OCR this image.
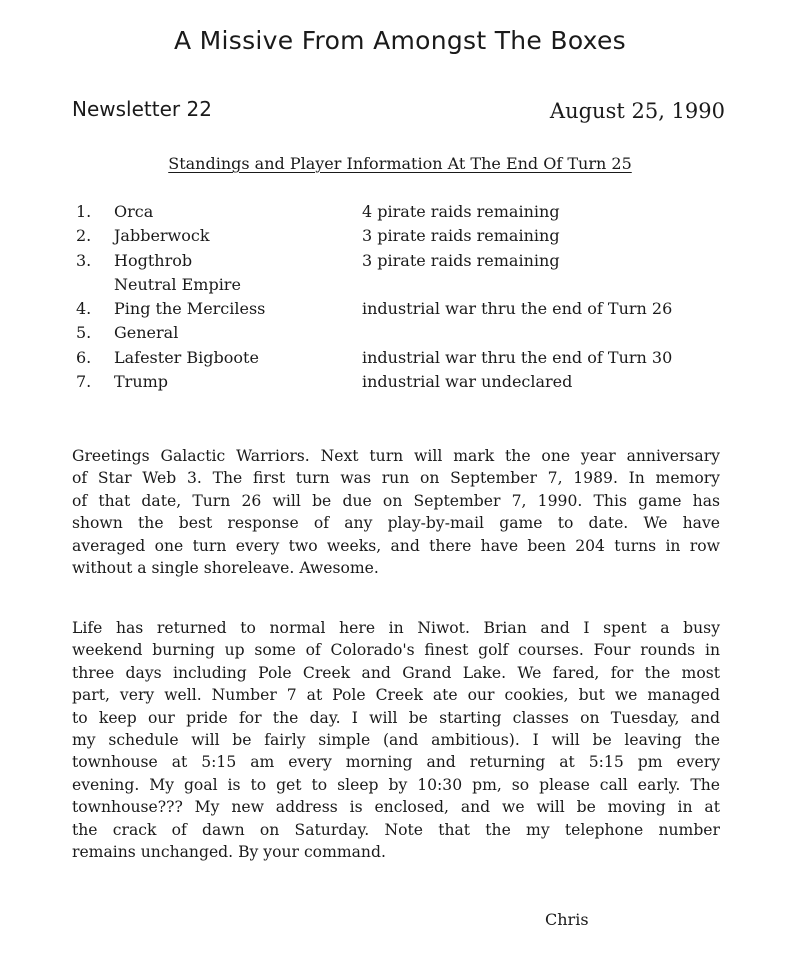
A Missive From Amongst The Boxes
Newsletter 22	August 25, 1990
Standings and Player Information At The End Of Turn 25
1. Orca	4 pirate raids remaining
2. Jabberwock	3 pirate raids remaining
3. Hogthrob	3 pirate raids remaining
Neutral Empire
4. Ping the Merciless	industrial war thru the end of Turn 26
5. General
6. Lafester Bigboote	industrial war thru the end of Turn 30
7. Trump	industrial war undeclared
Greetings Galactic Warriors. Next turn will mark the one year anniversary
of Star Web 3. The first turn was run on September 7, 1989. In memory
of that date, Turn 26 will be due on September 7, 1990. This game has
shown the best response of any play-by-mail game to date. We have
averaged one turn every two weeks, and there have been 204 turns in row
without a single shoreleave. Awesome.
Life has returned to normal here in Niwot. Brian and I spent a busy
weekend burning up some of Colorado's finest golf courses. Four rounds in
three days including Pole Creek and Grand Lake. We fared, for the most
part, very well. Number 7 at Pole Creek ate our cookies, but we managed
to keep our pride for the day. I will be starting classes on Tuesday, and
my schedule will be fairly simple (and ambitious). I will be leaving the
townhouse at 5:15 am every morning and returning at 5:15 pm every
evening. My goal is to get to sleep by 10:30 pm, so please call early. The
townhouse??? My new address is enclosed, and we will be moving in at
the crack of dawn on Saturday. Note that the my telephone number
remains unchanged. By your command.
Chris
